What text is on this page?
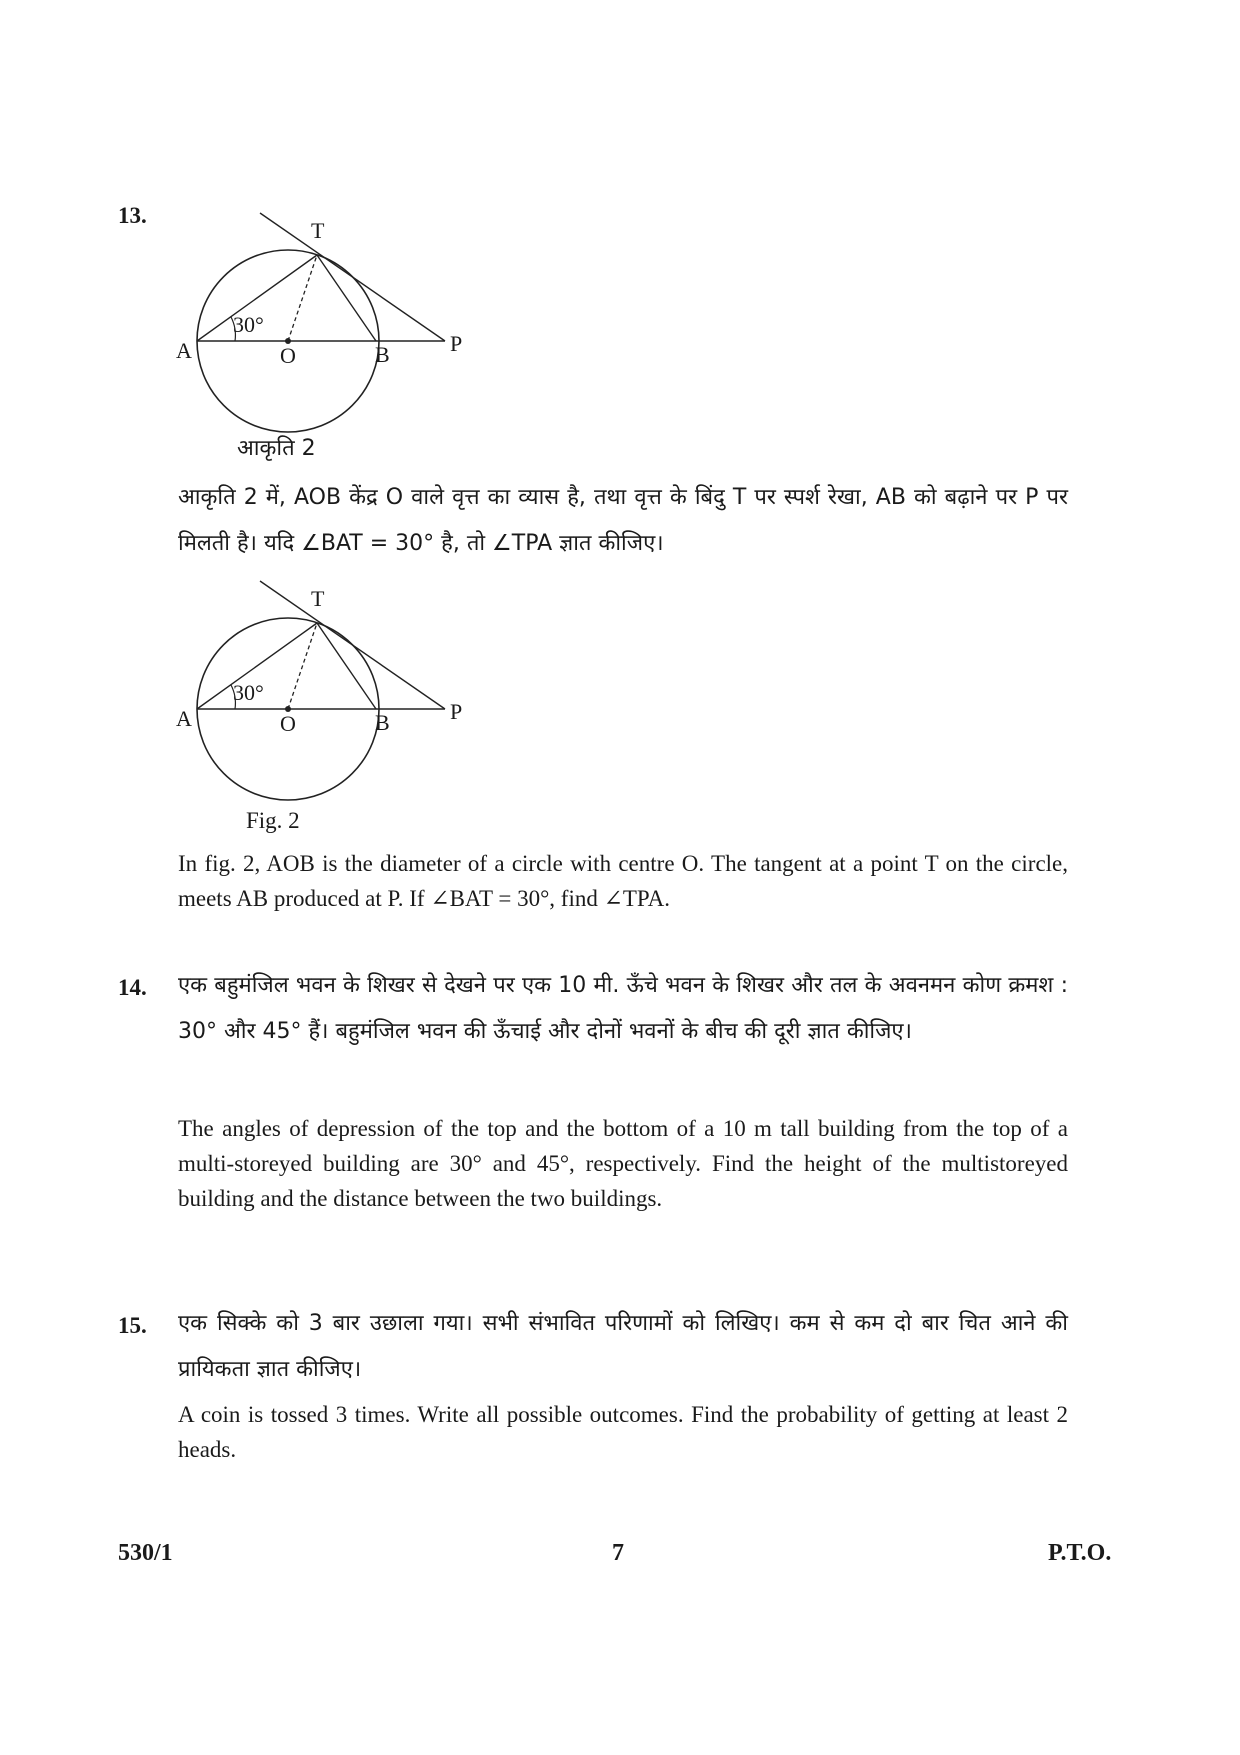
13.
T
A	O	B	P
30°
आकृति 2
आकृति 2 में, AOB केंद्र O वाले वृत्त का व्यास है, तथा वृत्त के बिंदु T पर स्पर्श रेखा, AB को बढ़ाने पर P पर मिलती है। यदि ∠BAT = 30° है, तो ∠TPA ज्ञात कीजिए।
T
A	O	B	P
30°
Fig. 2
In fig. 2, AOB is the diameter of a circle with centre O. The tangent at a point T on the circle, meets AB produced at P. If ∠BAT = 30°, find ∠TPA.
14. एक बहुमंजिल भवन के शिखर से देखने पर एक 10 मी. ऊँचे भवन के शिखर और तल के अवनमन कोण क्रमश : 30° और 45° हैं। बहुमंजिल भवन की ऊँचाई और दोनों भवनों के बीच की दूरी ज्ञात कीजिए।
The angles of depression of the top and the bottom of a 10 m tall building from the top of a multi-storeyed building are 30° and 45°, respectively. Find the height of the multistoreyed building and the distance between the two buildings.
15. एक सिक्के को 3 बार उछाला गया। सभी संभावित परिणामों को लिखिए। कम से कम दो बार चित आने की प्रायिकता ज्ञात कीजिए।
A coin is tossed 3 times. Write all possible outcomes. Find the probability of getting at least 2 heads.
530/1	7	P.T.O.
